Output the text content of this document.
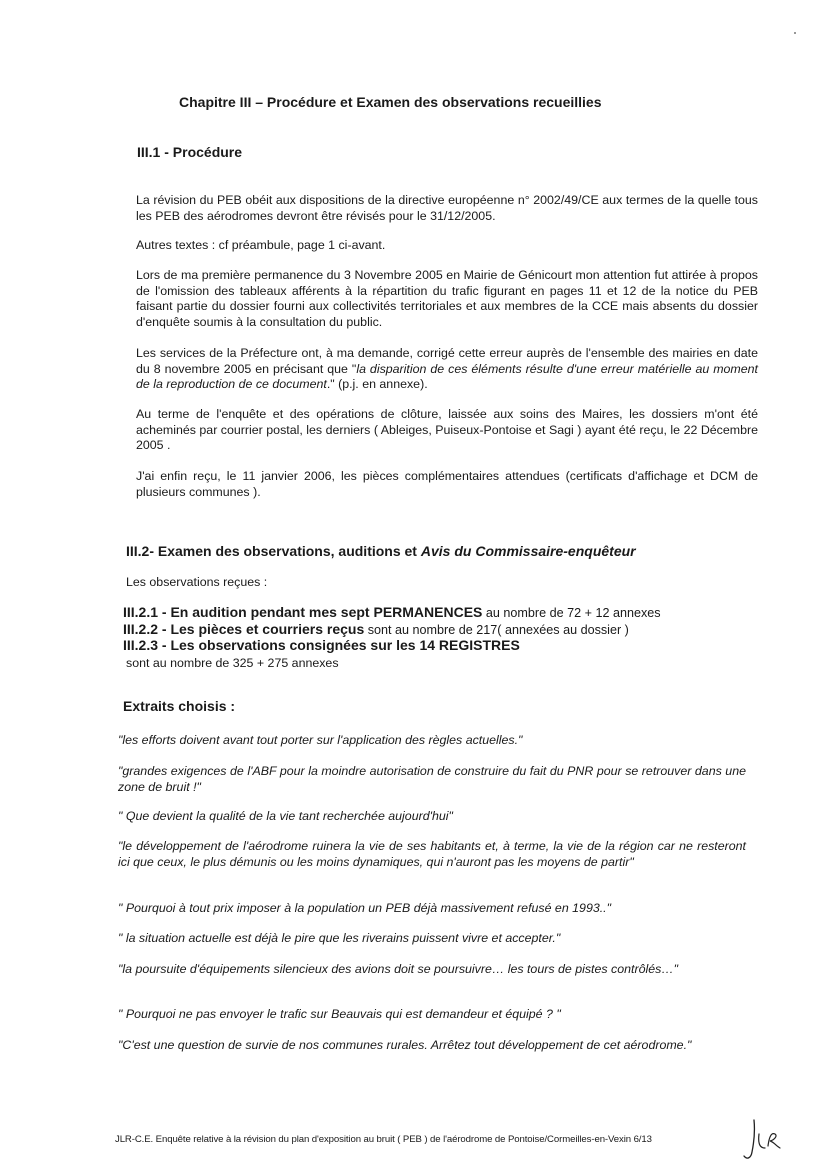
Chapitre III – Procédure et Examen des observations recueillies
III.1 - Procédure
La révision du PEB obéit aux dispositions de la directive européenne n° 2002/49/CE aux termes de la quelle tous les PEB des aérodromes devront être révisés pour le 31/12/2005.
Autres textes : cf préambule, page 1 ci-avant.
Lors de ma première permanence du 3 Novembre 2005 en Mairie de Génicourt mon attention fut attirée à propos de l'omission des tableaux afférents à la répartition du trafic figurant en pages 11 et 12 de la notice du PEB faisant partie du dossier fourni aux collectivités territoriales et aux membres de la CCE mais absents du dossier d'enquête soumis à la consultation du public.
Les services de la Préfecture ont, à ma demande, corrigé cette erreur auprès de l'ensemble des mairies en date du 8 novembre 2005 en précisant que "la disparition de ces éléments résulte d'une erreur matérielle au moment de la reproduction de ce document." (p.j. en annexe).
Au terme de l'enquête et des opérations de clôture, laissée aux soins des Maires, les dossiers m'ont été acheminés par courrier postal, les derniers ( Ableiges, Puiseux-Pontoise et Sagi ) ayant été reçu, le 22 Décembre 2005 .
J'ai enfin reçu, le 11 janvier 2006, les pièces complémentaires attendues (certificats d'affichage et DCM de plusieurs communes ).
III.2- Examen des observations, auditions et Avis du Commissaire-enquêteur
Les observations reçues :
III.2.1 - En audition pendant mes sept PERMANENCES au nombre de 72 + 12 annexes
III.2.2 - Les pièces et courriers reçus sont au nombre de 217( annexées au dossier )
III.2.3 - Les observations consignées sur les 14 REGISTRES
sont au nombre de 325 + 275 annexes
Extraits choisis :
"les efforts doivent avant tout porter sur l'application des règles actuelles."
"grandes exigences de l'ABF pour la moindre autorisation de construire du fait du PNR pour se retrouver dans une zone de bruit !"
" Que devient la qualité de la vie tant recherchée aujourd'hui"
"le développement de l'aérodrome ruinera la vie de ses habitants et, à terme, la vie de la région car ne resteront ici que ceux, le plus démunis ou les moins dynamiques, qui n'auront pas les moyens de partir"
" Pourquoi à tout prix imposer à la population un PEB déjà massivement refusé en 1993.."
" la situation actuelle est déjà le pire que les riverains puissent vivre et accepter."
"la poursuite d'équipements silencieux des avions doit se poursuivre… les tours de pistes contrôlés…"
" Pourquoi ne pas envoyer le trafic sur Beauvais qui est demandeur et équipé ? "
"C'est une question de survie de nos communes rurales. Arrêtez tout développement de cet aérodrome."
JLR-C.E. Enquête relative à la révision du plan d'exposition au bruit ( PEB ) de l'aérodrome de Pontoise/Cormeilles-en-Vexin 6/13
